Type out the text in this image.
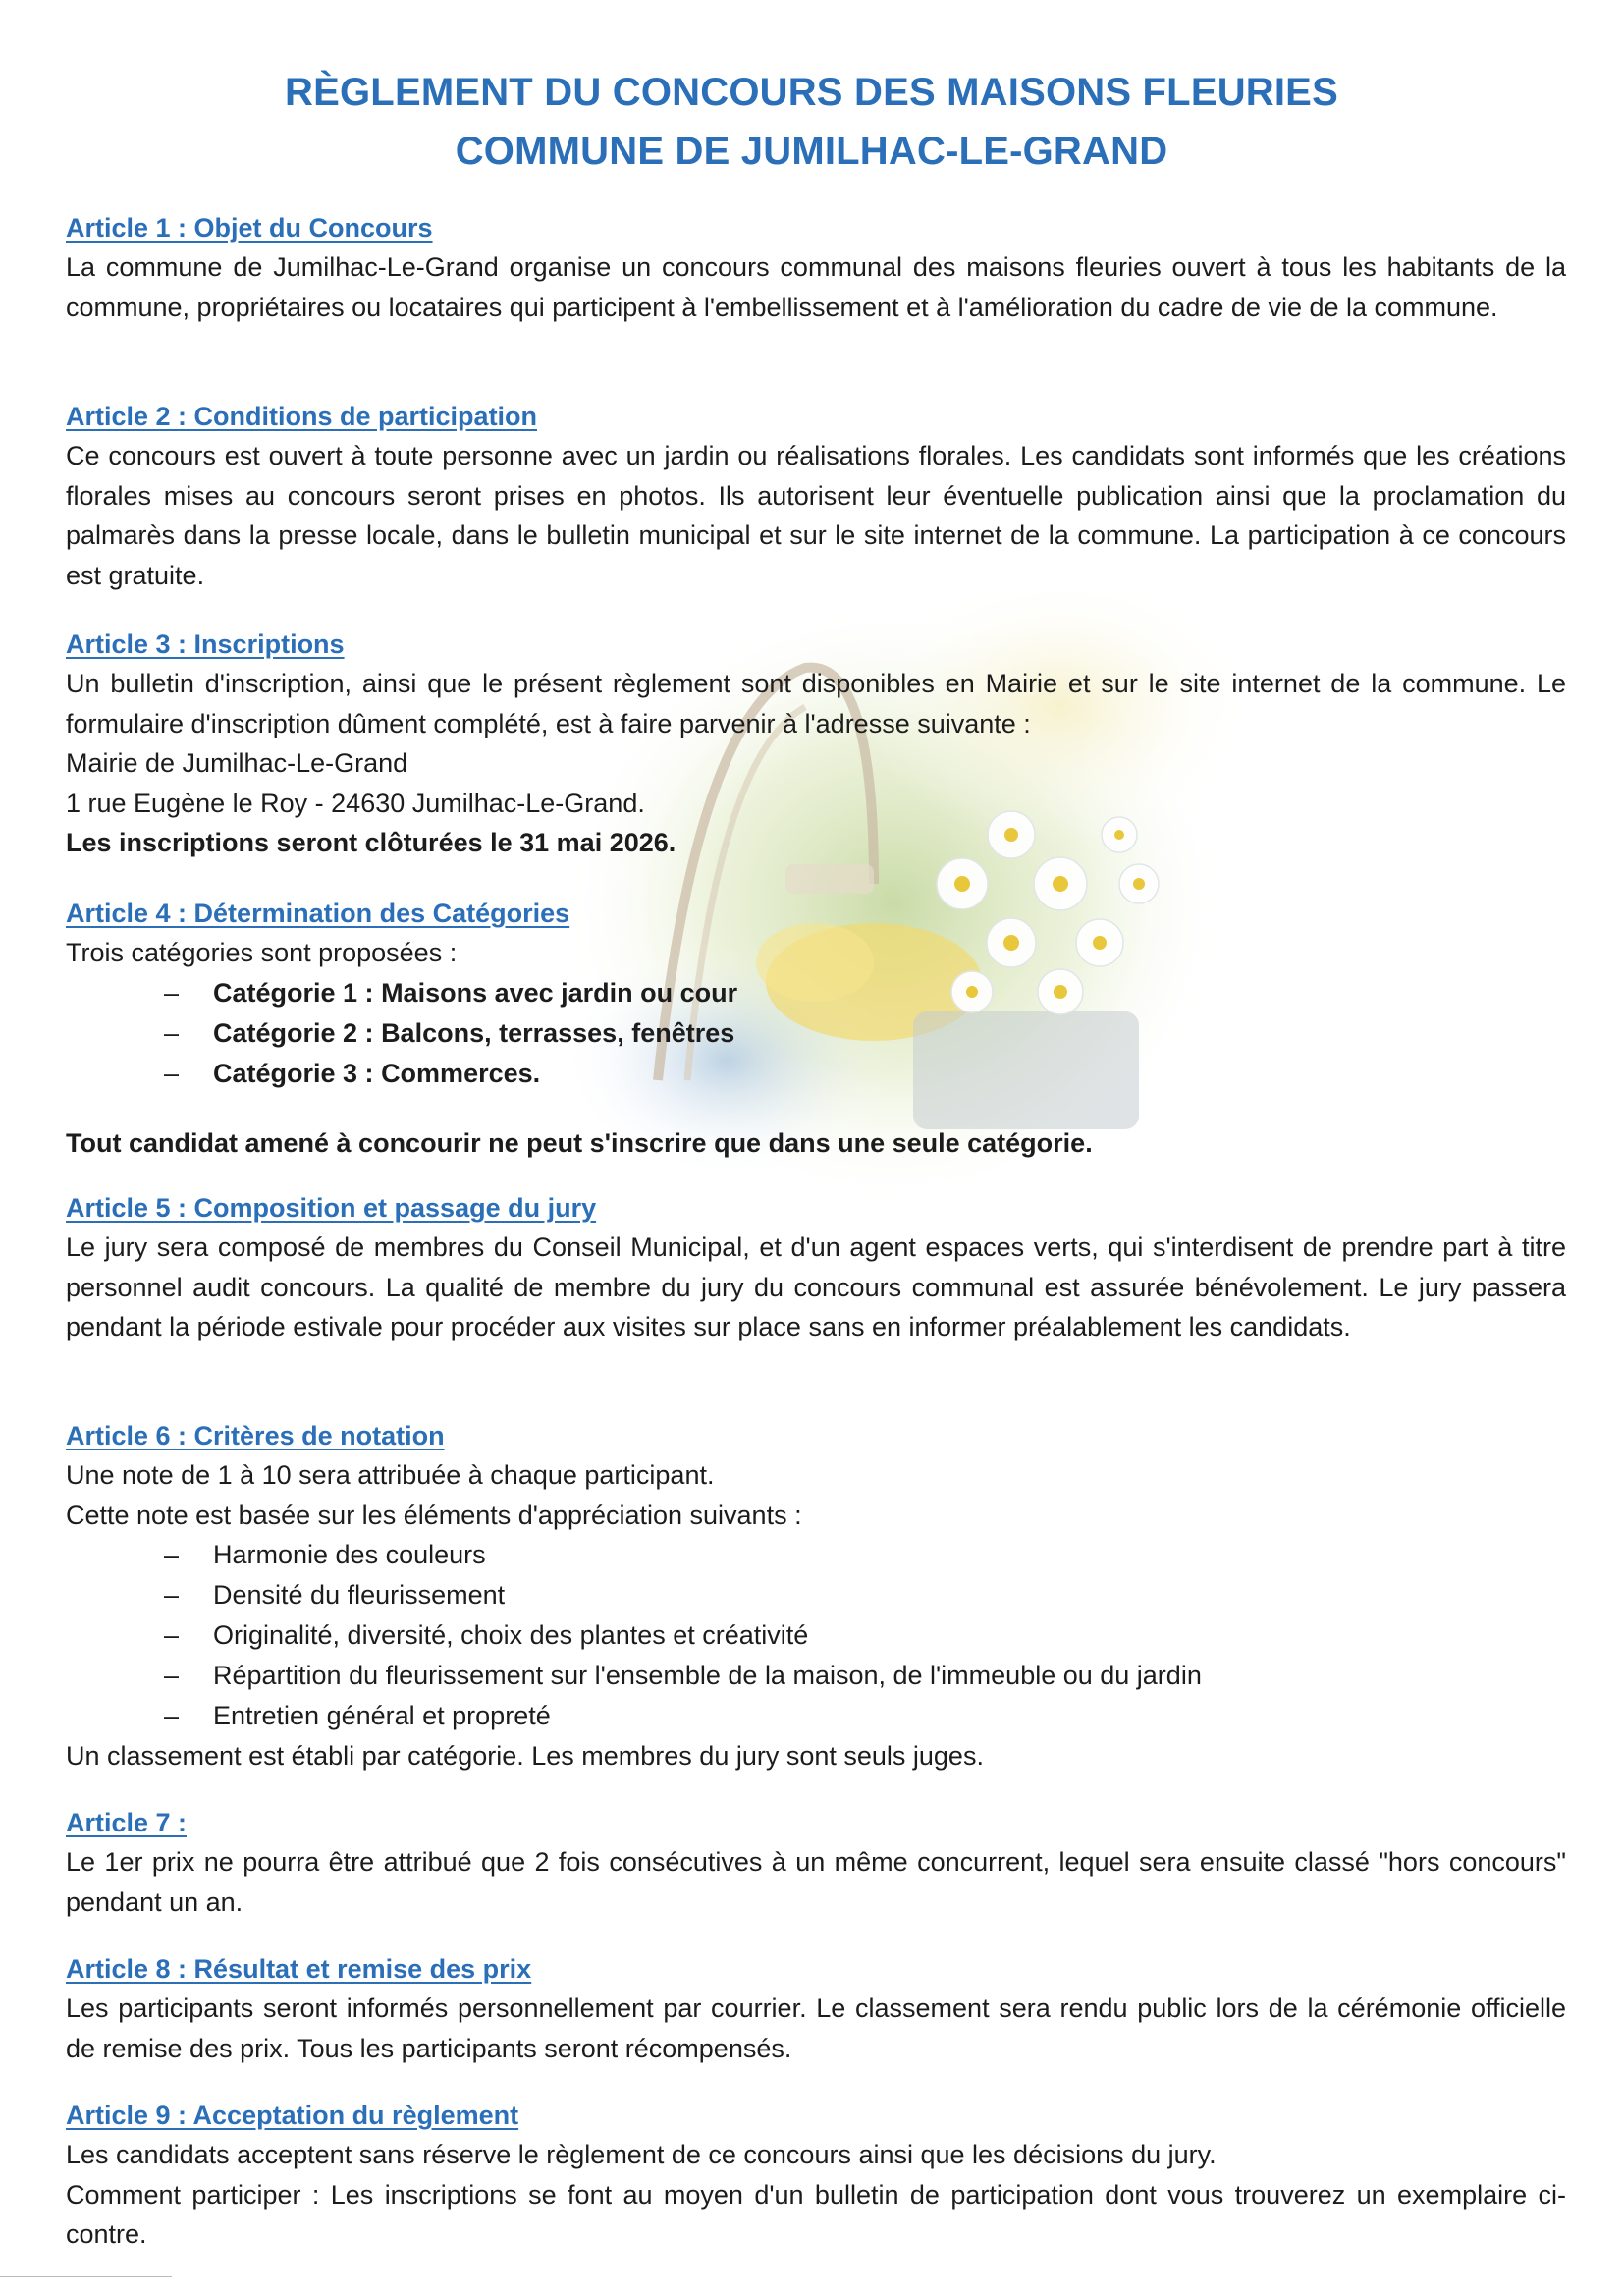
RÈGLEMENT DU CONCOURS DES MAISONS FLEURIES
COMMUNE DE JUMILHAC-LE-GRAND
Article 1 : Objet du Concours

La commune de Jumilhac-Le-Grand organise un concours communal des maisons fleuries ouvert à tous les habitants de la commune, propriétaires ou locataires qui participent à l'embellissement et à l'amélioration du cadre de vie de la commune.

Article 2 : Conditions de participation

Ce concours est ouvert à toute personne avec un jardin ou réalisations florales. Les candidats sont informés que les créations florales mises au concours seront prises en photos. Ils autorisent leur éventuelle publication ainsi que la proclamation du palmarès dans la presse locale, dans le bulletin municipal et sur le site internet de la commune. La participation à ce concours est gratuite.

Article 3 : Inscriptions

Un bulletin d'inscription, ainsi que le présent règlement sont disponibles en Mairie et sur le site internet de la commune. Le formulaire d'inscription dûment complété, est à faire parvenir à l'adresse suivante :

Mairie de Jumilhac-Le-Grand

1 rue Eugène le Roy - 24630 Jumilhac-Le-Grand.

Les inscriptions seront clôturées le 31 mai 2026.

Article 4 : Détermination des Catégories

Trois catégories sont proposées :

– Catégorie 1 : Maisons avec jardin ou cour
– Catégorie 2 : Balcons, terrasses, fenêtres
– Catégorie 3 : Commerces.

Tout candidat amené à concourir ne peut s'inscrire que dans une seule catégorie.

Article 5 : Composition et passage du jury

Le jury sera composé de membres du Conseil Municipal, et d'un agent espaces verts, qui s'interdisent de prendre part à titre personnel audit concours. La qualité de membre du jury du concours communal est assurée bénévolement. Le jury passera pendant la période estivale pour procéder aux visites sur place sans en informer préalablement les candidats.

Article 6 : Critères de notation

Une note de 1 à 10 sera attribuée à chaque participant.

Cette note est basée sur les éléments d'appréciation suivants :

– Harmonie des couleurs
– Densité du fleurissement
– Originalité, diversité, choix des plantes et créativité
– Répartition du fleurissement sur l'ensemble de la maison, de l'immeuble ou du jardin
– Entretien général et propreté

Un classement est établi par catégorie. Les membres du jury sont seuls juges.

Article 7 :

Le 1er prix ne pourra être attribué que 2 fois consécutives à un même concurrent, lequel sera ensuite classé "hors concours" pendant un an.

Article 8 : Résultat et remise des prix

Les participants seront informés personnellement par courrier. Le classement sera rendu public lors de la cérémonie officielle de remise des prix. Tous les participants seront récompensés.

Article 9 : Acceptation du règlement

Les candidats acceptent sans réserve le règlement de ce concours ainsi que les décisions du jury.

Comment participer : Les inscriptions se font au moyen d'un bulletin de participation dont vous trouverez un exemplaire ci-contre.
